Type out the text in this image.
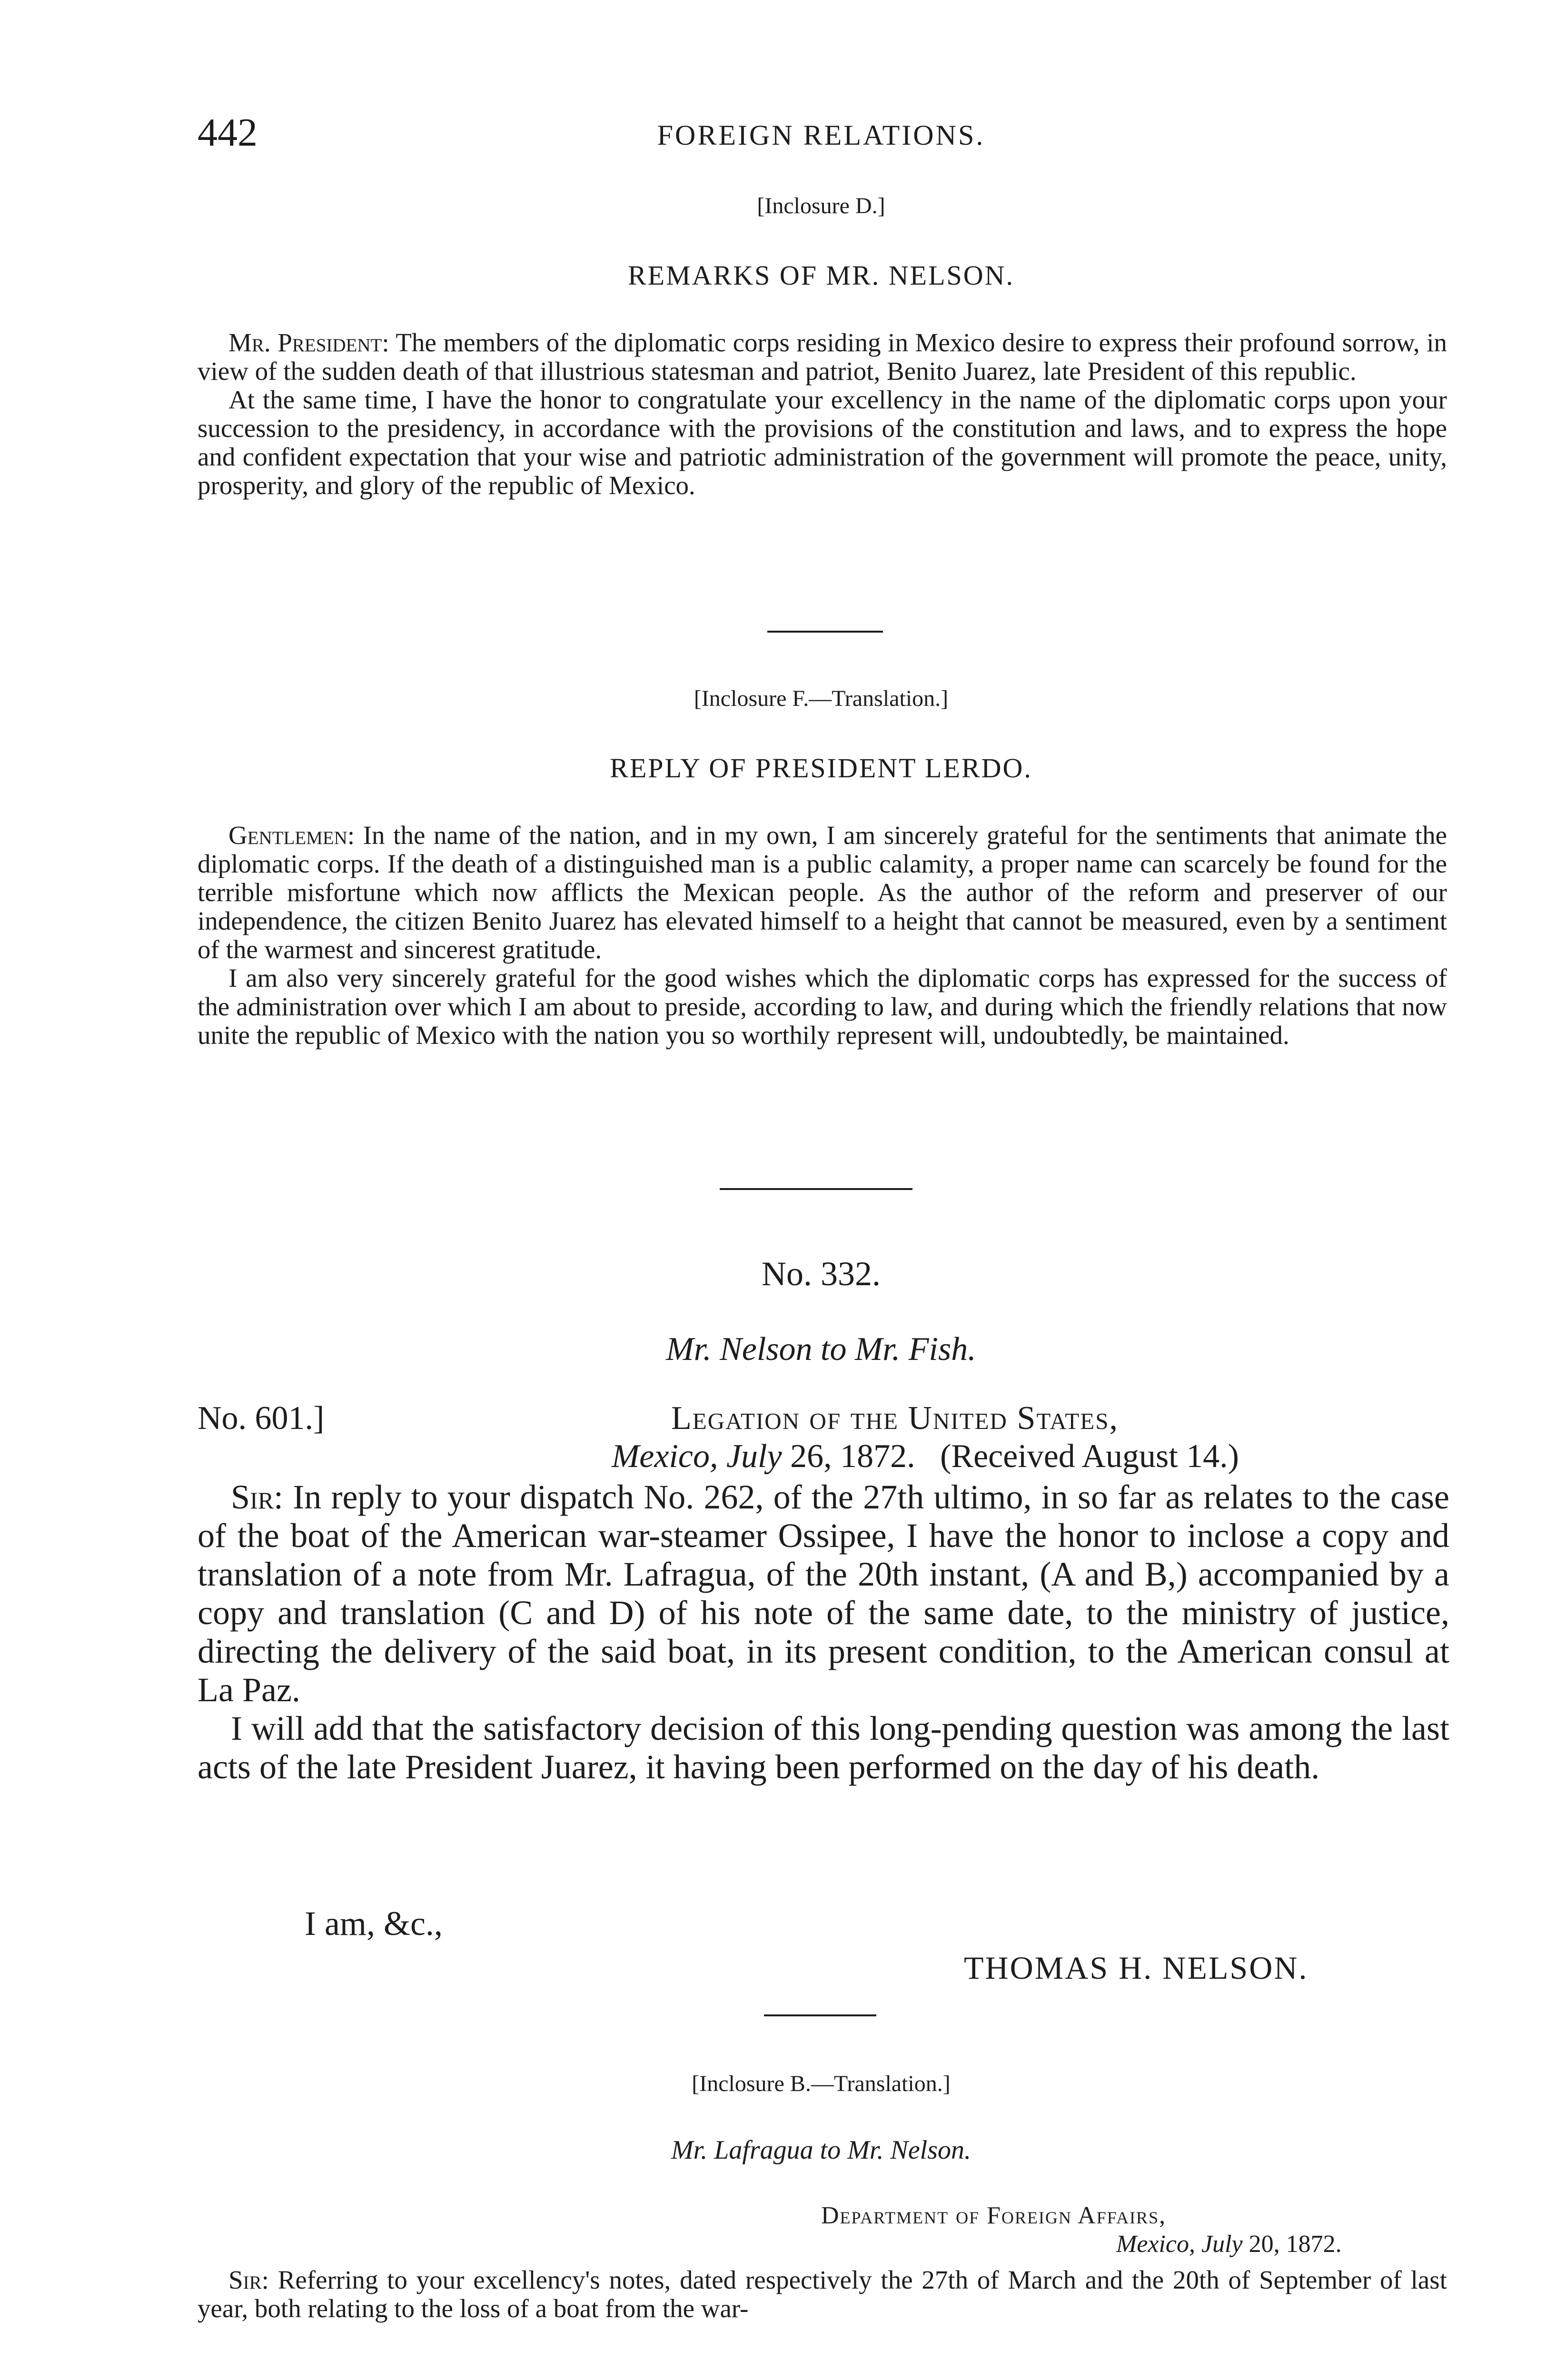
442	FOREIGN RELATIONS.
[Inclosure D.]
REMARKS OF MR. NELSON.

Mr. President: The members of the diplomatic corps residing in Mexico desire to express their profound sorrow, in view of the sudden death of that illustrious statesman and patriot, Benito Juarez, late President of this republic.

At the same time, I have the honor to congratulate your excellency in the name of the diplomatic corps upon your succession to the presidency, in accordance with the provisions of the constitution and laws, and to express the hope and confident expectation that your wise and patriotic administration of the government will promote the peace, unity, prosperity, and glory of the republic of Mexico.

[Inclosure F.—Translation.]
REPLY OF PRESIDENT LERDO.

Gentlemen: In the name of the nation, and in my own, I am sincerely grateful for the sentiments that animate the diplomatic corps. If the death of a distinguished man is a public calamity, a proper name can scarcely be found for the terrible misfortune which now afflicts the Mexican people. As the author of the reform and preserver of our independence, the citizen Benito Juarez has elevated himself to a height that cannot be measured, even by a sentiment of the warmest and sincerest gratitude.

I am also very sincerely grateful for the good wishes which the diplomatic corps has expressed for the success of the administration over which I am about to preside, according to law, and during which the friendly relations that now unite the republic of Mexico with the nation you so worthily represent will, undoubtedly, be maintained.

No. 332.
Mr. Nelson to Mr. Fish.
No. 601.]	Legation of the United States,
Mexico, July 26, 1872. (Received August 14.)

Sir: In reply to your dispatch No. 262, of the 27th ultimo, in so far as relates to the case of the boat of the American war-steamer Ossipee, I have the honor to inclose a copy and translation of a note from Mr. Lafragua, of the 20th instant, (A and B,) accompanied by a copy and translation (C and D) of his note of the same date, to the ministry of justice, directing the delivery of the said boat, in its present condition, to the American consul at La Paz.

I will add that the satisfactory decision of this long-pending question was among the last acts of the late President Juarez, it having been performed on the day of his death.

I am, &c.,
THOMAS H. NELSON.
[Inclosure B.—Translation.]
Mr. Lafragua to Mr. Nelson.
Department of Foreign Affairs,
Mexico, July 20, 1872.

Sir: Referring to your excellency's notes, dated respectively the 27th of March and the 20th of September of last year, both relating to the loss of a boat from the war-
